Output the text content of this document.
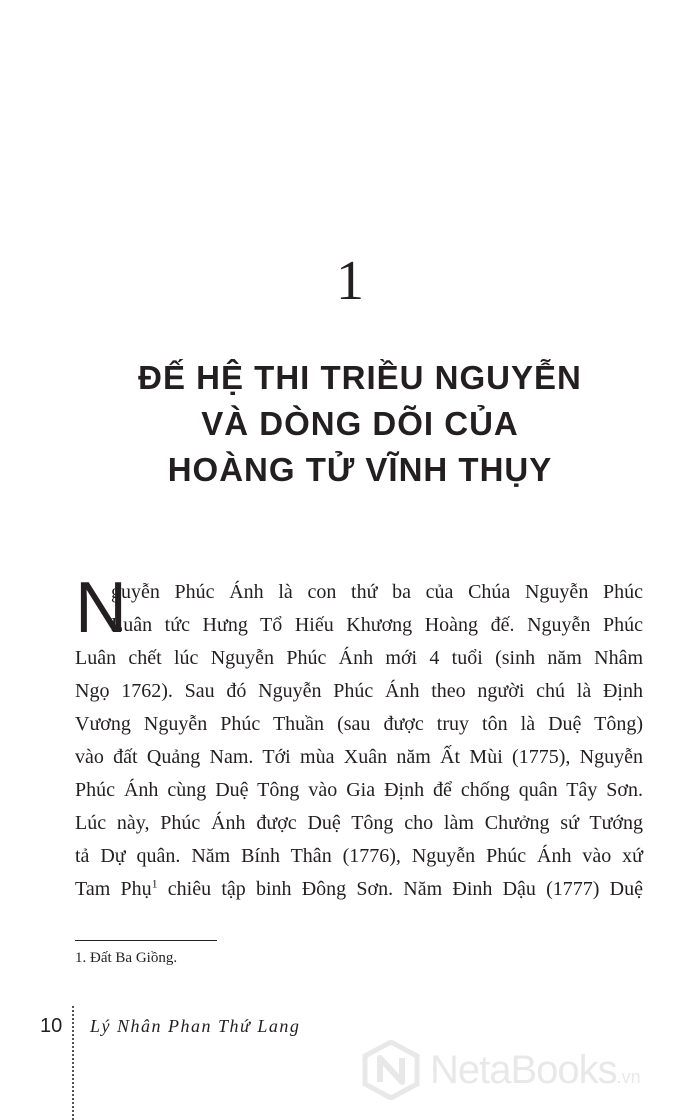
1
ĐẾ HỆ THI TRIỀU NGUYỄN
VÀ DÒNG DÕI CỦA
HOÀNG TỬ VĨNH THỤY
N
guyễn Phúc Ánh là con thứ ba của Chúa Nguyễn Phúc
Luân tức Hưng Tổ Hiếu Khương Hoàng đế. Nguyễn Phúc
Luân chết lúc Nguyễn Phúc Ánh mới 4 tuổi (sinh năm Nhâm
Ngọ 1762). Sau đó Nguyễn Phúc Ánh theo người chú là Định
Vương Nguyễn Phúc Thuần (sau được truy tôn là Duệ Tông)
vào đất Quảng Nam. Tới mùa Xuân năm Ất Mùi (1775), Nguyễn
Phúc Ánh cùng Duệ Tông vào Gia Định để chống quân Tây Sơn.
Lúc này, Phúc Ánh được Duệ Tông cho làm Chưởng sứ Tướng
tả Dự quân. Năm Bính Thân (1776), Nguyễn Phúc Ánh vào xứ
Tam Phụ$^1$ chiêu tập binh Đông Sơn. Năm Đinh Dậu (1777) Duệ
1. Đất Ba Giồng.
10 Lý Nhân Phan Thứ Lang
NetaBooks.vn
